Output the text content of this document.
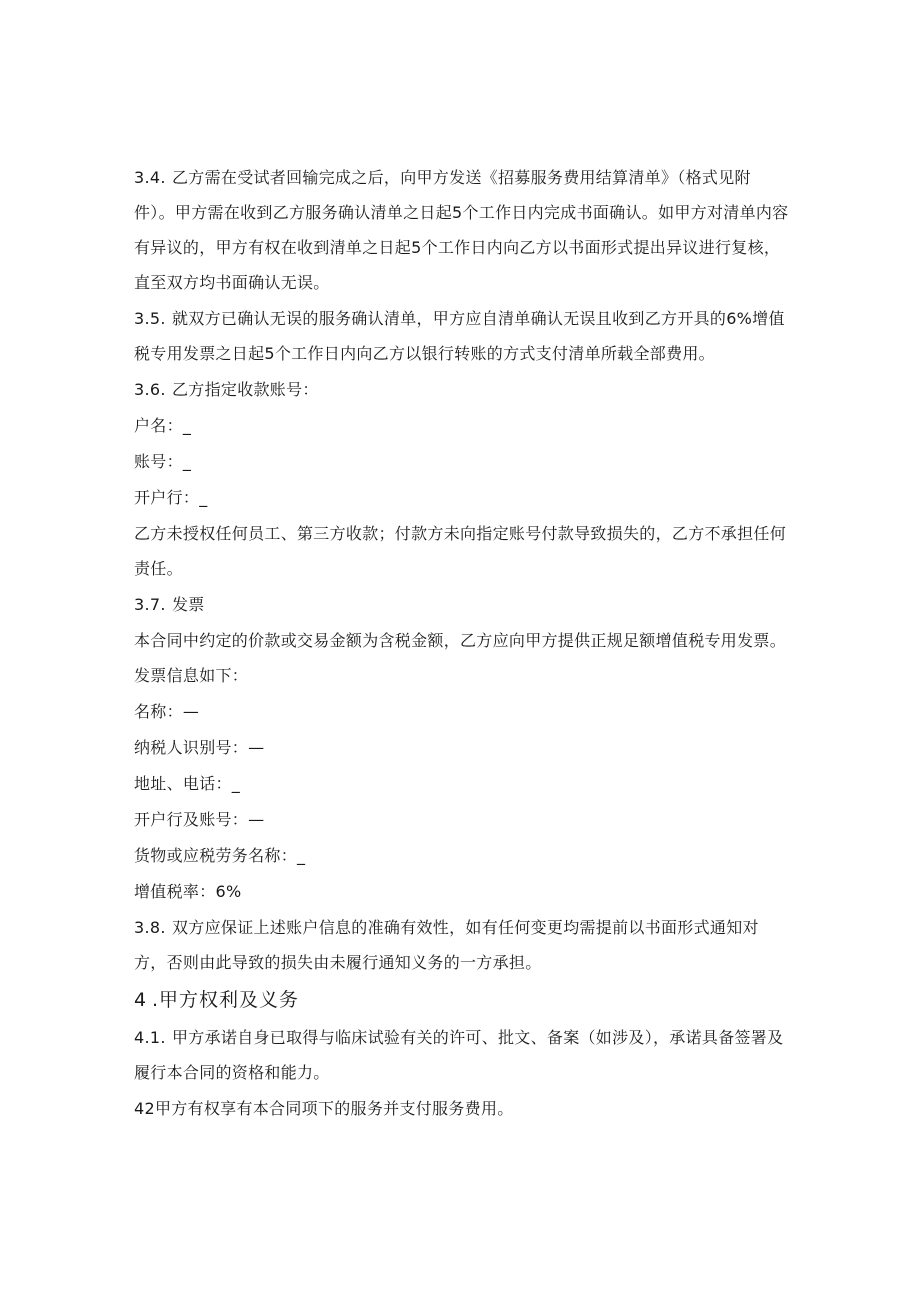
3.4. 乙方需在受试者回输完成之后，向甲方发送《招募服务费用结算清单》（格式见附件）。甲方需在收到乙方服务确认清单之日起5个工作日内完成书面确认。如甲方对清单内容有异议的，甲方有权在收到清单之日起5个工作日内向乙方以书面形式提出异议进行复核，直至双方均书面确认无误。

3.5. 就双方已确认无误的服务确认清单，甲方应自清单确认无误且收到乙方开具的6%增值税专用发票之日起5个工作日内向乙方以银行转账的方式支付清单所载全部费用。

3.6. 乙方指定收款账号：

户名：_

账号：_

开户行：_

乙方未授权任何员工、第三方收款；付款方未向指定账号付款导致损失的，乙方不承担任何责任。

3.7. 发票

本合同中约定的价款或交易金额为含税金额，乙方应向甲方提供正规足额增值税专用发票。发票信息如下：

名称：—

纳税人识别号：—

地址、电话：_

开户行及账号：—

货物或应税劳务名称：_

增值税率：6%

3.8. 双方应保证上述账户信息的准确有效性，如有任何变更均需提前以书面形式通知对方，否则由此导致的损失由未履行通知义务的一方承担。

4 .甲方权利及义务

4.1. 甲方承诺自身已取得与临床试验有关的许可、批文、备案（如涉及），承诺具备签署及履行本合同的资格和能力。

42甲方有权享有本合同项下的服务并支付服务费用。
